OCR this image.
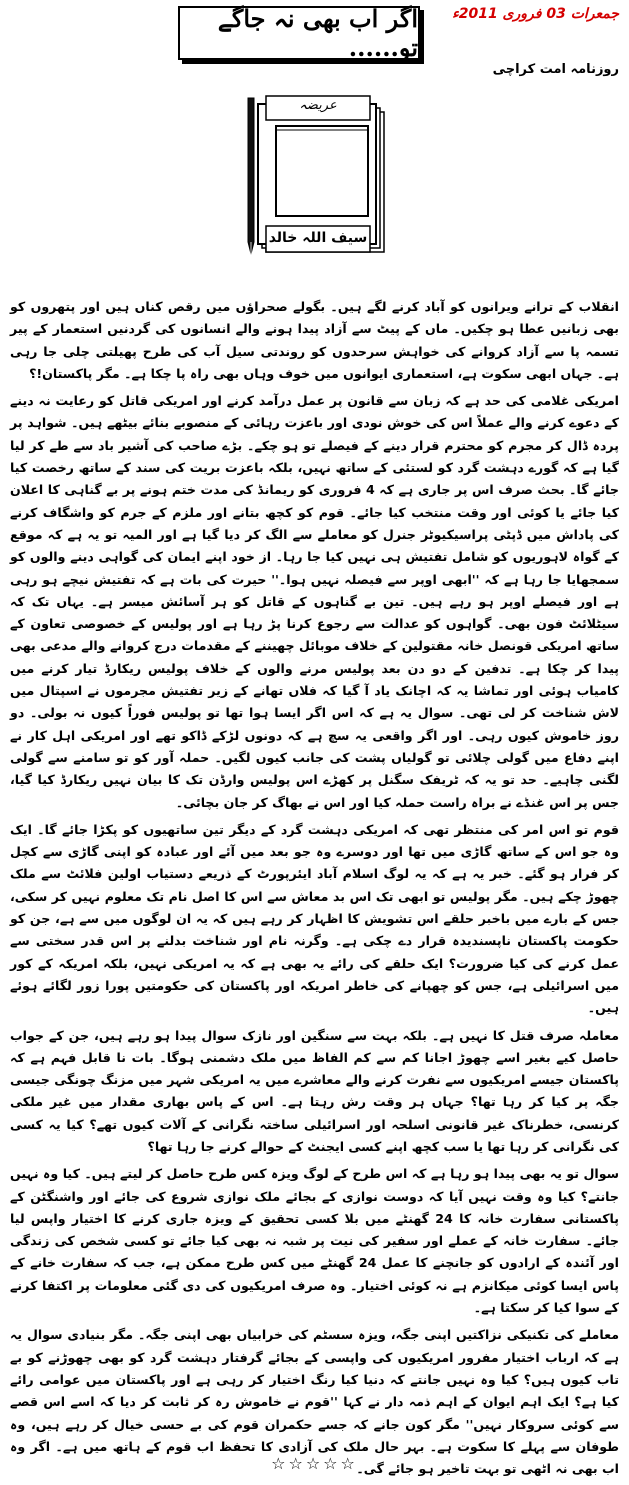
جمعرات 03 فروری 2011ء
اگر اب بھی نہ جاگے تو......
روزنامہ امت کراچی
عریضہ
سیف اللہ خالد

انقلاب کے ترانے ویرانوں کو آباد کرنے لگے ہیں۔ بگولے صحراؤں میں رقص کناں ہیں اور پتھروں کو بھی زبانیں عطا ہو چکیں۔ ماں کے پیٹ سے آزاد پیدا ہونے والے انسانوں کی گردنیں استعمار کے پیر تسمہ پا سے آزاد کروانے کی خواہش سرحدوں کو روندتی سیل آب کی طرح پھیلتی چلی جا رہی ہے۔ جہاں ابھی سکوت ہے، استعماری ایوانوں میں خوف وہاں بھی راہ پا چکا ہے۔ مگر پاکستان!؟

امریکی غلامی کی حد ہے کہ زبان سے قانون پر عمل درآمد کرنے اور امریکی قاتل کو رعایت نہ دینے کے دعوے کرنے والے عملاً اس کی خوش نودی اور باعزت رہائی کے منصوبے بنائے بیٹھے ہیں۔ شواہد پر پردہ ڈال کر مجرم کو محترم قرار دینے کے فیصلے تو ہو چکے۔ بڑے صاحب کی آشیر باد سے طے کر لیا گیا ہے کہ گورے دہشت گرد کو لستئی کے ساتھ نہیں، بلکہ باعزت بریت کی سند کے ساتھ رخصت کیا جائے گا۔ بحث صرف اس پر جاری ہے کہ 4 فروری کو ریمانڈ کی مدت ختم ہونے پر بے گناہی کا اعلان کیا جائے یا کوئی اور وقت منتخب کیا جائے۔ قوم کو کچھ بتانے اور ملزم کے جرم کو واشگاف کرنے کی پاداش میں ڈپٹی پراسیکیوٹر جنرل کو معاملے سے الگ کر دیا گیا ہے اور المیہ تو یہ ہے کہ موقع کے گواہ لاہوریوں کو شامل تفتیش ہی نہیں کیا جا رہا۔ از خود اپنے ایمان کی گواہی دینے والوں کو سمجھایا جا رہا ہے کہ ''ابھی اوپر سے فیصلہ نہیں ہوا۔'' حیرت کی بات ہے کہ تفتیش نیچے ہو رہی ہے اور فیصلے اوپر ہو رہے ہیں۔ تین بے گناہوں کے قاتل کو ہر آسائش میسر ہے۔ یہاں تک کہ سیٹلائٹ فون بھی۔ گواہوں کو عدالت سے رجوع کرنا پڑ رہا ہے اور پولیس کے خصوصی تعاون کے ساتھ امریکی قونصل خانہ مقتولین کے خلاف موبائل چھیننے کے مقدمات درج کروانے والے مدعی بھی پیدا کر چکا ہے۔ تدفین کے دو دن بعد پولیس مرنے والوں کے خلاف پولیس ریکارڈ تیار کرنے میں کامیاب ہوئی اور تماشا یہ کہ اچانک یاد آ گیا کہ فلاں تھانے کے زیر تفتیش مجرموں نے اسپتال میں لاش شناخت کر لی تھی۔ سوال یہ ہے کہ اس اگر ایسا ہوا تھا تو پولیس فوراً کیوں نہ بولی۔ دو روز خاموش کیوں رہی۔ اور اگر واقعی یہ سچ ہے کہ دونوں لڑکے ڈاکو تھے اور امریکی اہل کار نے اپنے دفاع میں گولی چلائی تو گولیاں پشت کی جانب کیوں لگیں۔ حملہ آور کو تو سامنے سے گولی لگنی چاہیے۔ حد تو یہ کہ ٹریفک سگنل پر کھڑے اس پولیس وارڈن تک کا بیان نہیں ریکارڈ کیا گیا، جس پر اس غنڈے نے براہ راست حملہ کیا اور اس نے بھاگ کر جان بچائی۔

قوم تو اس امر کی منتظر تھی کہ امریکی دہشت گرد کے دیگر تین ساتھیوں کو پکڑا جائے گا۔ ایک وہ جو اس کے ساتھ گاڑی میں تھا اور دوسرے وہ جو بعد میں آئے اور عبادہ کو اپنی گاڑی سے کچل کر فرار ہو گئے۔ خبر یہ ہے کہ یہ لوگ اسلام آباد ایئرپورٹ کے ذریعے دستیاب اولین فلائٹ سے ملک چھوڑ چکے ہیں۔ مگر پولیس تو ابھی تک اس بد معاش سے اس کا اصل نام تک معلوم نہیں کر سکی، جس کے بارے میں باخبر حلقے اس تشویش کا اظہار کر رہے ہیں کہ یہ ان لوگوں میں سے ہے، جن کو حکومت پاکستان ناپسندیدہ قرار دے چکی ہے۔ وگرنہ نام اور شناخت بدلنے پر اس قدر سختی سے عمل کرنے کی کیا ضرورت؟ ایک حلقے کی رائے یہ بھی ہے کہ یہ امریکی نہیں، بلکہ امریکہ کے کور میں اسرائیلی ہے، جس کو چھپانے کی خاطر امریکہ اور پاکستان کی حکومتیں پورا زور لگائے ہوئے ہیں۔

معاملہ صرف قتل کا نہیں ہے۔ بلکہ بہت سے سنگین اور نازک سوال پیدا ہو رہے ہیں، جن کے جواب حاصل کیے بغیر اسے چھوڑ اجانا کم سے کم الفاظ میں ملک دشمنی ہوگا۔ بات نا قابل فہم ہے کہ پاکستان جیسے امریکیوں سے نفرت کرنے والے معاشرے میں یہ امریکی شہر میں مزنگ چونگی جیسی جگہ پر کیا کر رہا تھا؟ جہاں ہر وقت رش رہتا ہے۔ اس کے پاس بھاری مقدار میں غیر ملکی کرنسی، خطرناک غیر قانونی اسلحہ اور اسرائیلی ساختہ نگرانی کے آلات کیوں تھے؟ کیا یہ کسی کی نگرانی کر رہا تھا یا سب کچھ اپنے کسی ایجنٹ کے حوالے کرنے جا رہا تھا؟

سوال تو یہ بھی پیدا ہو رہا ہے کہ اس طرح کے لوگ ویزہ کس طرح حاصل کر لیتے ہیں۔ کیا وہ نہیں جانتے؟ کیا وہ وقت نہیں آیا کہ دوست نوازی کے بجائے ملک نوازی شروع کی جائے اور واشنگٹن کے پاکستانی سفارت خانہ کا 24 گھنٹے میں بلا کسی تحقیق کے ویزہ جاری کرنے کا اختیار واپس لیا جائے۔ سفارت خانہ کے عملے اور سفیر کی نیت پر شبہ نہ بھی کیا جائے تو کسی شخص کی زندگی اور آئندہ کے ارادوں کو جانچنے کا عمل 24 گھنٹے میں کس طرح ممکن ہے، جب کہ سفارت خانے کے پاس ایسا کوئی میکانزم ہے نہ کوئی اختیار۔ وہ صرف امریکیوں کی دی گئی معلومات پر اکتفا کرنے کے سوا کیا کر سکتا ہے۔

معاملے کی تکنیکی نزاکتیں اپنی جگہ، ویزہ سسٹم کی خرابیاں بھی اپنی جگہ۔ مگر بنیادی سوال یہ ہے کہ ارباب اختیار مفرور امریکیوں کی واپسی کے بجائے گرفتار دہشت گرد کو بھی چھوڑنے کو بے تاب کیوں ہیں؟ کیا وہ نہیں جانتے کہ دنیا کیا رنگ اختیار کر رہی ہے اور پاکستان میں عوامی رائے کیا ہے؟ ایک اہم ایوان کے اہم ذمہ دار نے کہا ''قوم نے خاموش رہ کر ثابت کر دیا کہ اسے اس قصے سے کوئی سروکار نہیں'' مگر کون جانے کہ جسے حکمران قوم کی بے حسی خیال کر رہے ہیں، وہ طوفان سے پہلے کا سکوت ہے۔ بہر حال ملک کی آزادی کا تحفظ اب قوم کے ہاتھ میں ہے۔ اگر وہ اب بھی نہ اٹھی تو بہت تاخیر ہو جائے گی۔

☆☆☆☆☆
